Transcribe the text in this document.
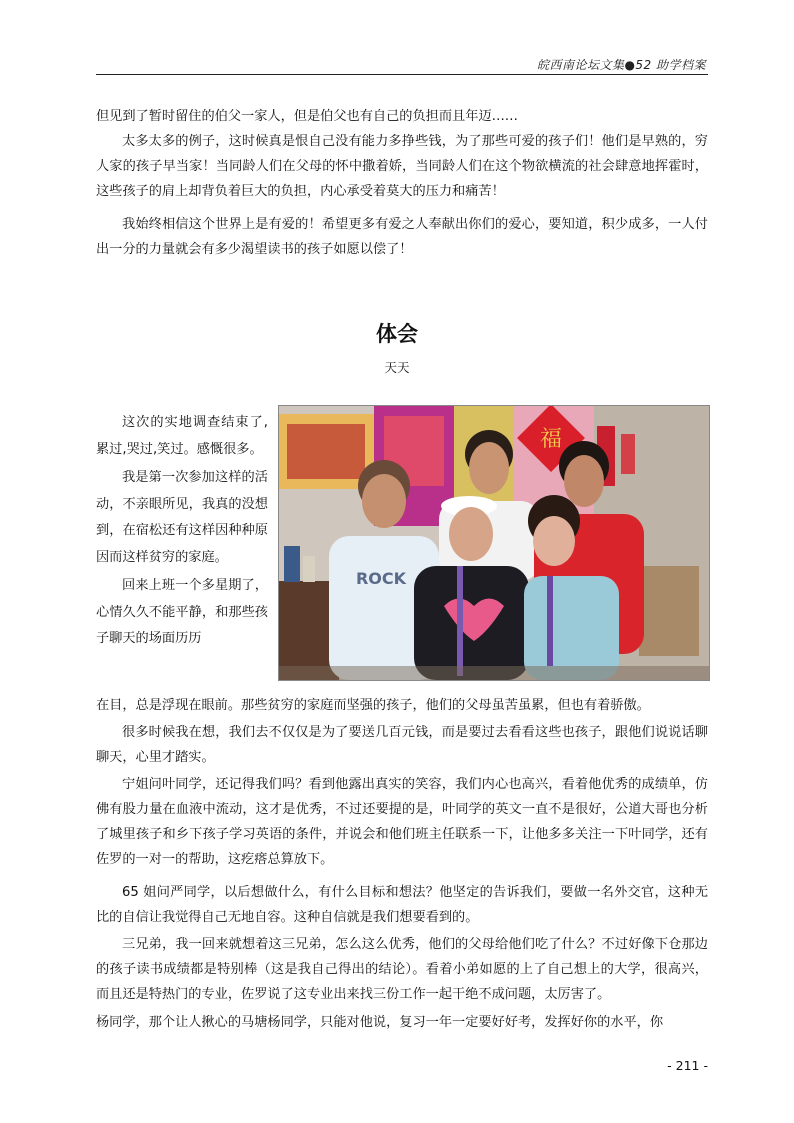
皖西南论坛文集●52 助学档案

但见到了暂时留住的伯父一家人，但是伯父也有自己的负担而且年迈……

太多太多的例子，这时候真是恨自己没有能力多挣些钱，为了那些可爱的孩子们！他们是早熟的，穷人家的孩子早当家！当同龄人们在父母的怀中撒着娇，当同龄人们在这个物欲横流的社会肆意地挥霍时，这些孩子的肩上却背负着巨大的负担，内心承受着莫大的压力和痛苦！

我始终相信这个世界上是有爱的！希望更多有爱之人奉献出你们的爱心，要知道，积少成多，一人付出一分的力量就会有多少渴望读书的孩子如愿以偿了！

体会
天天

这次的实地调查结束了,累过,哭过,笑过。感慨很多。

我是第一次参加这样的活动，不亲眼所见，我真的没想到，在宿松还有这样因种种原因而这样贫穷的家庭。

回来上班一个多星期了，心情久久不能平静，和那些孩子聊天的场面历历

福
ROCK

在目，总是浮现在眼前。那些贫穷的家庭而坚强的孩子，他们的父母虽苦虽累，但也有着骄傲。

很多时候我在想，我们去不仅仅是为了要送几百元钱，而是要过去看看这些也孩子，跟他们说说话聊聊天，心里才踏实。

宁姐问叶同学，还记得我们吗？看到他露出真实的笑容，我们内心也高兴，看着他优秀的成绩单，仿佛有股力量在血液中流动，这才是优秀，不过还要提的是，叶同学的英文一直不是很好，公道大哥也分析了城里孩子和乡下孩子学习英语的条件，并说会和他们班主任联系一下，让他多多关注一下叶同学，还有佐罗的一对一的帮助，这疙瘩总算放下。

65 姐问严同学，以后想做什么，有什么目标和想法？他坚定的告诉我们，要做一名外交官，这种无比的自信让我觉得自己无地自容。这种自信就是我们想要看到的。

三兄弟，我一回来就想着这三兄弟，怎么这么优秀，他们的父母给他们吃了什么？不过好像下仓那边的孩子读书成绩都是特别棒（这是我自己得出的结论）。看着小弟如愿的上了自己想上的大学，很高兴，而且还是特热门的专业，佐罗说了这专业出来找三份工作一起干绝不成问题，太厉害了。

杨同学，那个让人揪心的马塘杨同学，只能对他说，复习一年一定要好好考，发挥好你的水平，你

- 211 -
